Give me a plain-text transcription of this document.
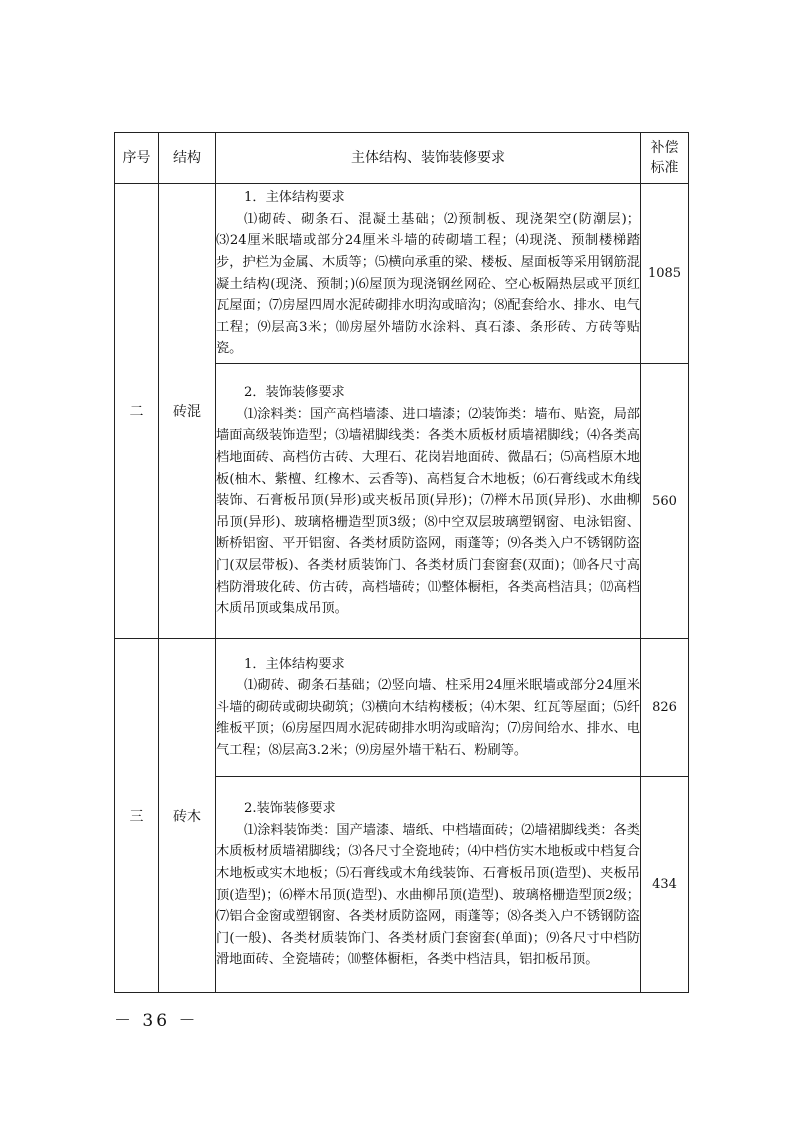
序号	结构	主体结构、装饰装修要求	补偿标准
二	砖混	1．主体结构要求
⑴砌砖、砌条石、混凝土基础；⑵预制板、现浇架空(防潮层)；⑶24厘米眠墙或部分24厘米斗墙的砖砌墙工程；⑷现浇、预制楼梯踏步，护栏为金属、木质等；⑸横向承重的梁、楼板、屋面板等采用钢筋混凝土结构(现浇、预制；)⑹屋顶为现浇钢丝网砼、空心板隔热层或平顶红瓦屋面；⑺房屋四周水泥砖砌排水明沟或暗沟；⑻配套给水、排水、电气工程；⑼层高3米；⑽房屋外墙防水涂料、真石漆、条形砖、方砖等贴瓷。	1085

		2．装饰装修要求
⑴涂料类：国产高档墙漆、进口墙漆；⑵装饰类：墙布、贴瓷，局部墙面高级装饰造型；⑶墙裙脚线类：各类木质板材质墙裙脚线；⑷各类高档地面砖、高档仿古砖、大理石、花岗岩地面砖、微晶石；⑸高档原木地板(柚木、紫檀、红橡木、云香等)、高档复合木地板；⑹石膏线或木角线装饰、石膏板吊顶(异形)或夹板吊顶(异形)；⑺榉木吊顶(异形)、水曲柳吊顶(异形)、玻璃格栅造型顶3级；⑻中空双层玻璃塑钢窗、电泳铝窗、断桥铝窗、平开铝窗、各类材质防盗网，雨蓬等；⑼各类入户不锈钢防盗门(双层带板)、各类材质装饰门、各类材质门套窗套(双面)；⑽各尺寸高档防滑玻化砖、仿古砖，高档墙砖；⑾整体橱柜，各类高档洁具；⑿高档木质吊顶或集成吊顶。	560
三	砖木	1．主体结构要求
⑴砌砖、砌条石基础；⑵竖向墙、柱采用24厘米眠墙或部分24厘米斗墙的砌砖或砌块砌筑；⑶横向木结构楼板；⑷木架、红瓦等屋面；⑸纤维板平顶；⑹房屋四周水泥砖砌排水明沟或暗沟；⑺房间给水、排水、电气工程；⑻层高3.2米；⑼房屋外墙干粘石、粉刷等。	826

		2.装饰装修要求
⑴涂料装饰类：国产墙漆、墙纸、中档墙面砖；⑵墙裙脚线类：各类木质板材质墙裙脚线；⑶各尺寸全瓷地砖；⑷中档仿实木地板或中档复合木地板或实木地板；⑸石膏线或木角线装饰、石膏板吊顶(造型)、夹板吊顶(造型)；⑹榉木吊顶(造型)、水曲柳吊顶(造型)、玻璃格栅造型顶2级；⑺铝合金窗或塑钢窗、各类材质防盗网，雨蓬等；⑻各类入户不锈钢防盗门(一般)、各类材质装饰门、各类材质门套窗套(单面)；⑼各尺寸中档防滑地面砖、全瓷墙砖；⑽整体橱柜，各类中档洁具，铝扣板吊顶。	434
－ 36 －
